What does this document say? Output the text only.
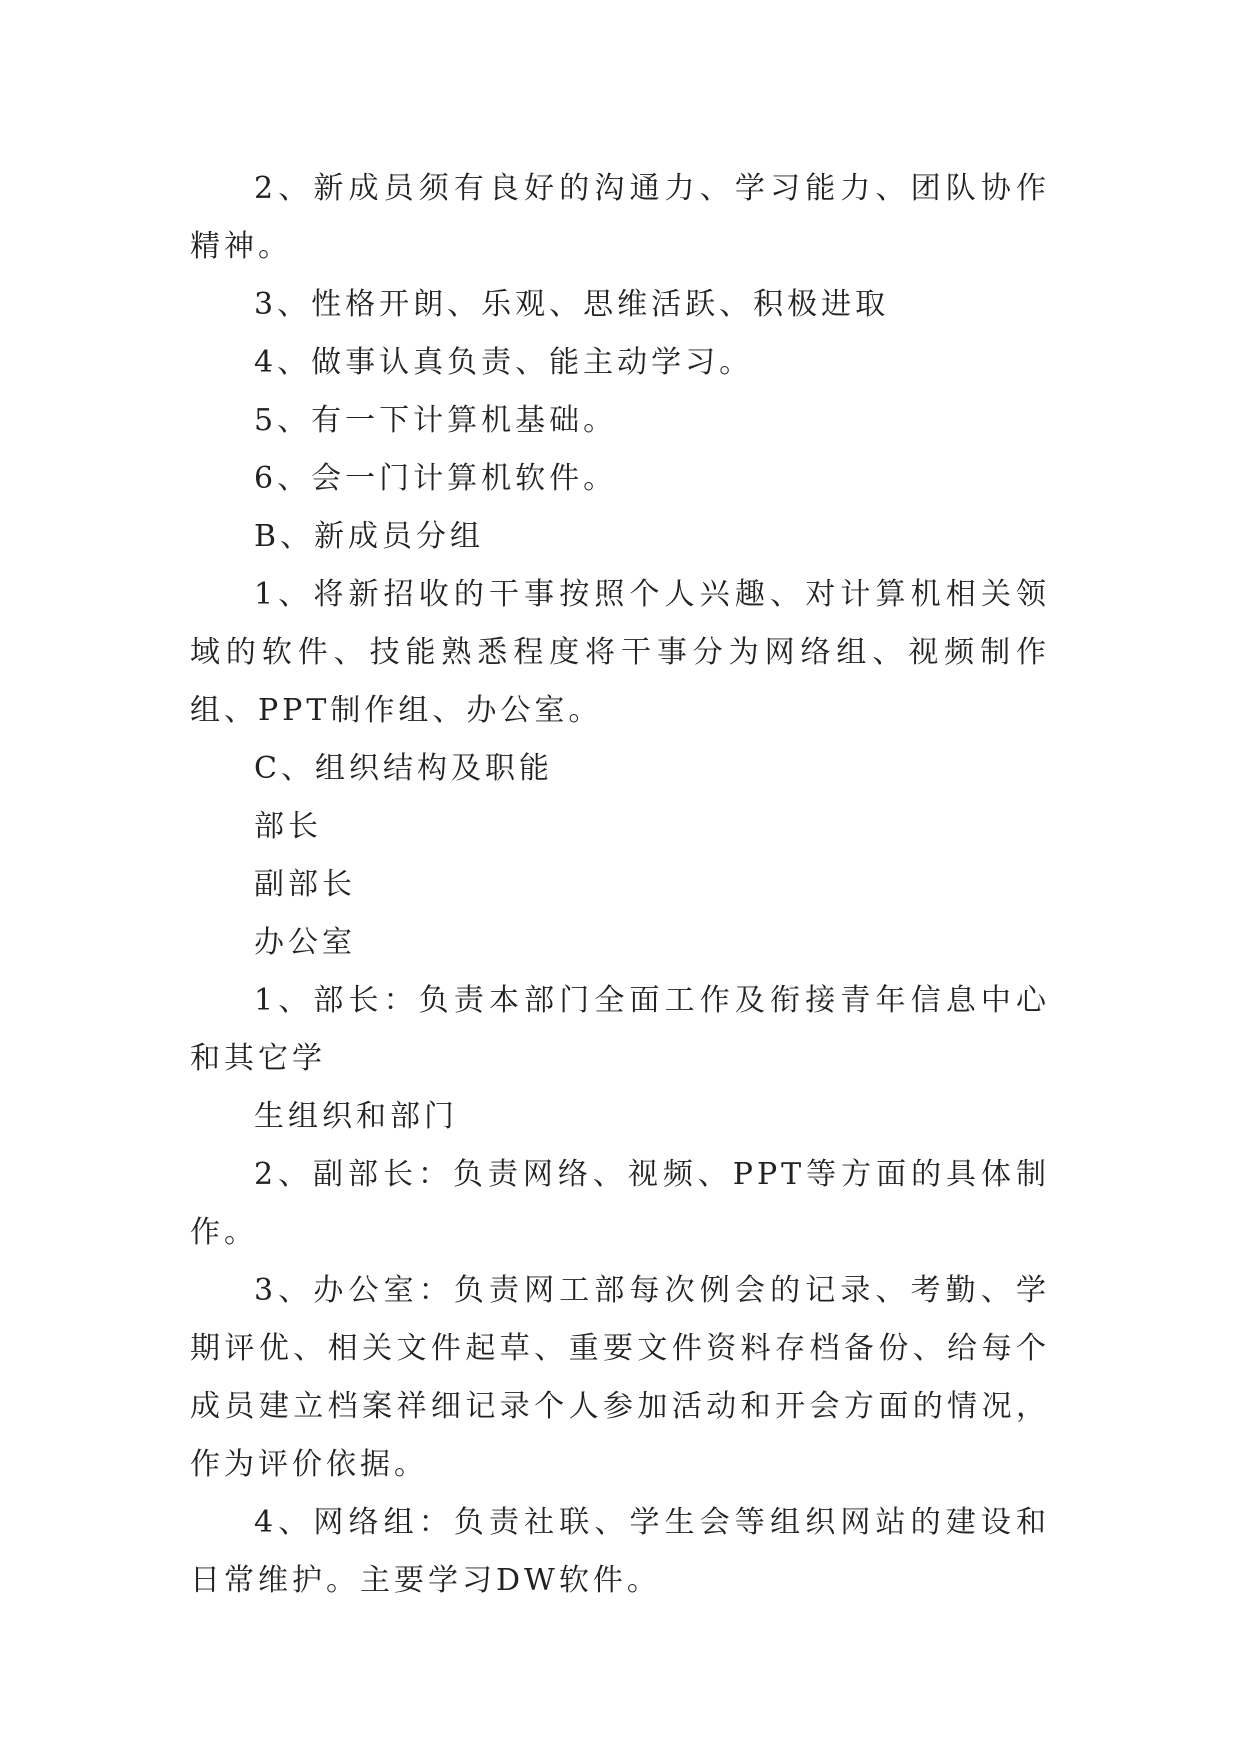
2、新成员须有良好的沟通力、学习能力、团队协作精神。

3、性格开朗、乐观、思维活跃、积极进取

4、做事认真负责、能主动学习。

5、有一下计算机基础。

6、会一门计算机软件。

B、新成员分组

1、将新招收的干事按照个人兴趣、对计算机相关领域的软件、技能熟悉程度将干事分为网络组、视频制作组、PPT制作组、办公室。

C、组织结构及职能

部长

副部长

办公室

1、部长：负责本部门全面工作及衔接青年信息中心和其它学

生组织和部门

2、副部长：负责网络、视频、PPT等方面的具体制作。

3、办公室：负责网工部每次例会的记录、考勤、学期评优、相关文件起草、重要文件资料存档备份、给每个成员建立档案祥细记录个人参加活动和开会方面的情况，作为评价依据。

4、网络组：负责社联、学生会等组织网站的建设和日常维护。主要学习DW软件。
